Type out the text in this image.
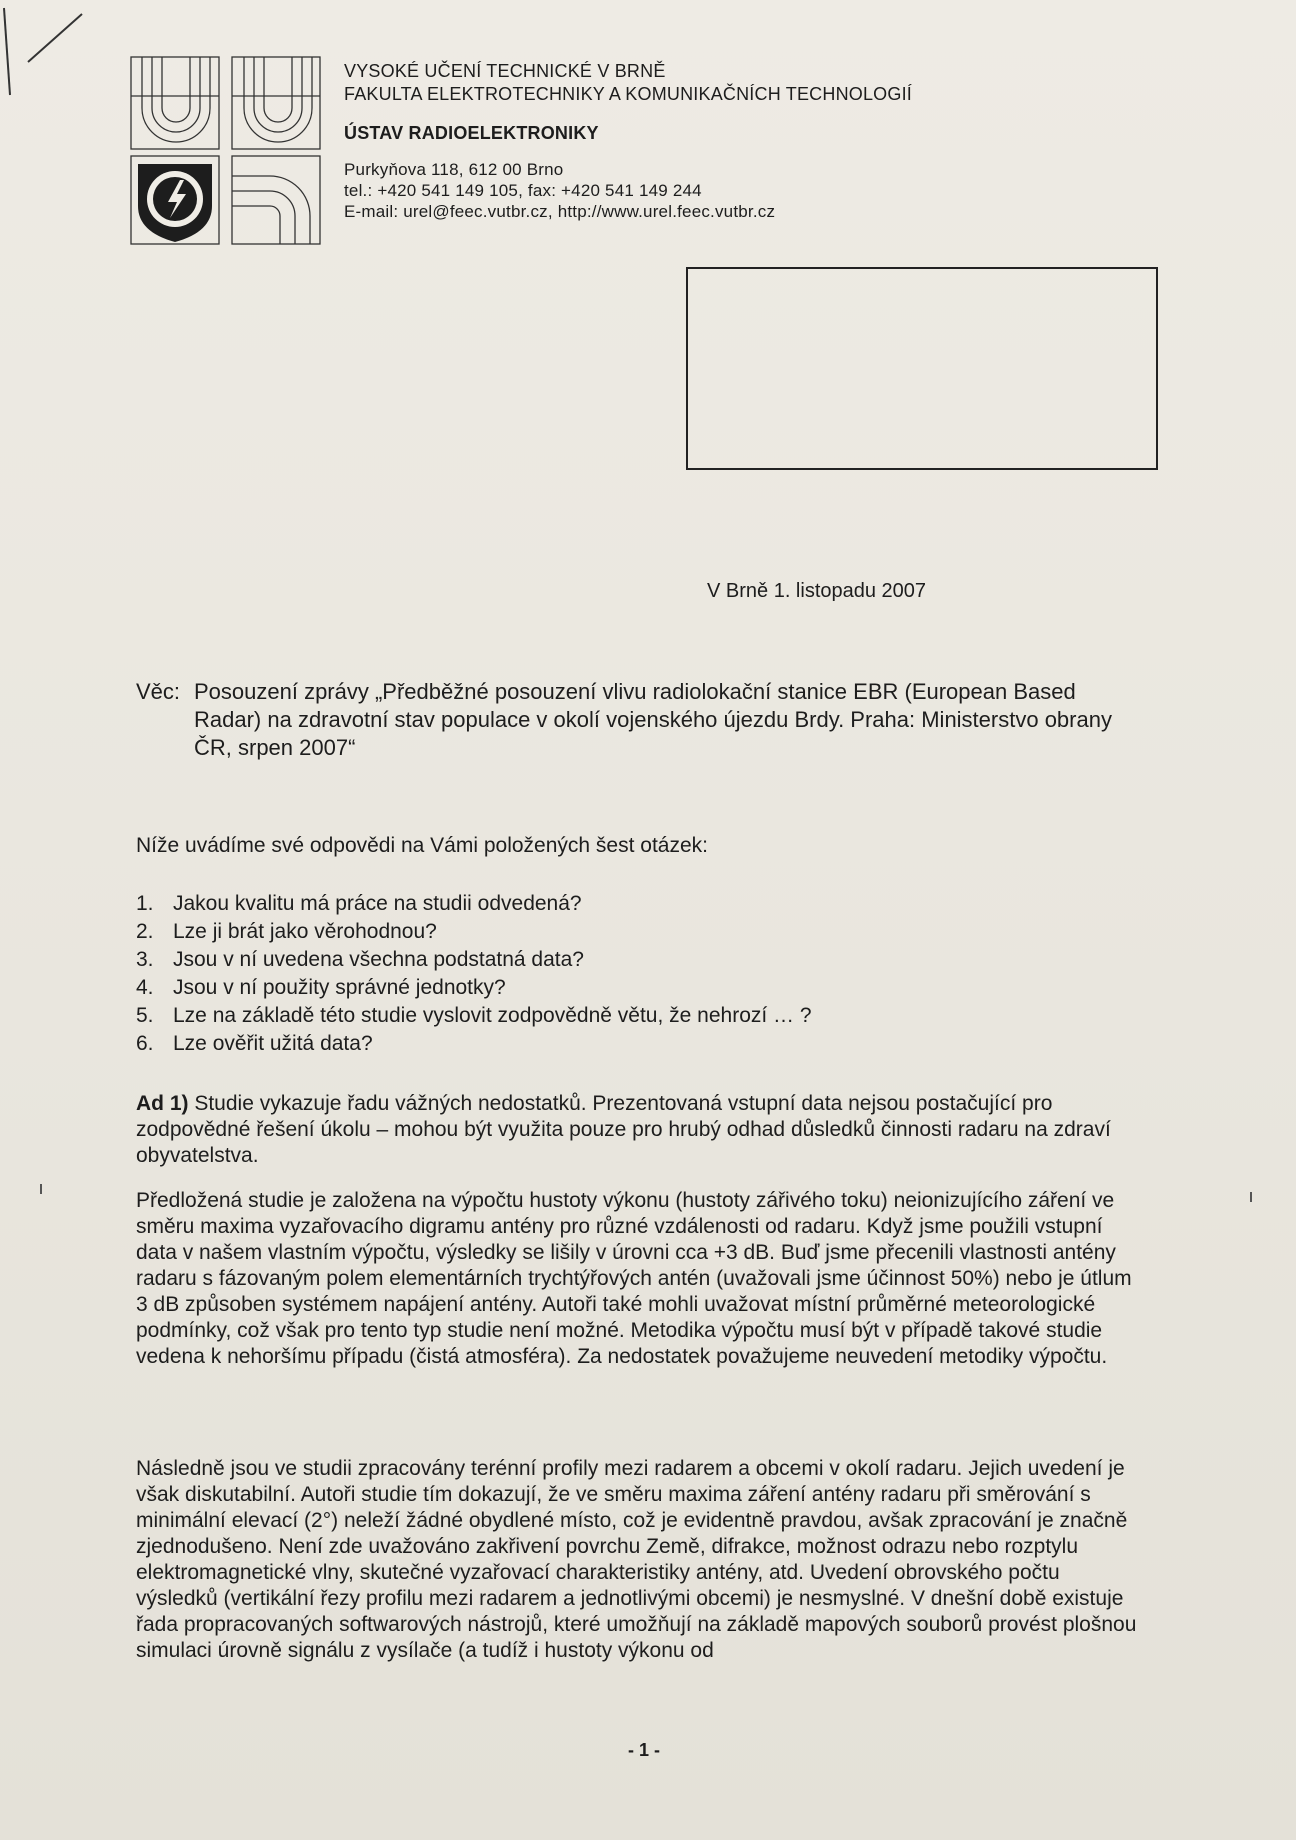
VYSOKÉ UČENÍ TECHNICKÉ V BRNĚ
FAKULTA ELEKTROTECHNIKY A KOMUNIKAČNÍCH TECHNOLOGIÍ
ÚSTAV RADIOELEKTRONIKY
Purkyňova 118, 612 00 Brno
tel.: +420 541 149 105, fax: +420 541 149 244
E-mail: urel@feec.vutbr.cz, http://www.urel.feec.vutbr.cz
V Brně 1. listopadu 2007
Věc: Posouzení zprávy „Předběžné posouzení vlivu radiolokační stanice EBR (European Based Radar) na zdravotní stav populace v okolí vojenského újezdu Brdy. Praha: Ministerstvo obrany ČR, srpen 2007“
Níže uvádíme své odpovědi na Vámi položených šest otázek:
1. Jakou kvalitu má práce na studii odvedená?
2. Lze ji brát jako věrohodnou?
3. Jsou v ní uvedena všechna podstatná data?
4. Jsou v ní použity správné jednotky?
5. Lze na základě této studie vyslovit zodpovědně větu, že nehrozí … ?
6. Lze ověřit užitá data?

Ad 1) Studie vykazuje řadu vážných nedostatků. Prezentovaná vstupní data nejsou postačující pro zodpovědné řešení úkolu – mohou být využita pouze pro hrubý odhad důsledků činnosti radaru na zdraví obyvatelstva.

Předložená studie je založena na výpočtu hustoty výkonu (hustoty zářivého toku) neionizujícího záření ve směru maxima vyzařovacího digramu antény pro různé vzdálenosti od radaru. Když jsme použili vstupní data v našem vlastním výpočtu, výsledky se lišily v úrovni cca +3 dB. Buď jsme přecenili vlastnosti antény radaru s fázovaným polem elementárních trychtýřových antén (uvažovali jsme účinnost 50%) nebo je útlum 3 dB způsoben systémem napájení antény. Autoři také mohli uvažovat místní průměrné meteorologické podmínky, což však pro tento typ studie není možné. Metodika výpočtu musí být v případě takové studie vedena k nehoršímu případu (čistá atmosféra). Za nedostatek považujeme neuvedení metodiky výpočtu.

Následně jsou ve studii zpracovány terénní profily mezi radarem a obcemi v okolí radaru. Jejich uvedení je však diskutabilní. Autoři studie tím dokazují, že ve směru maxima záření antény radaru při směrování s minimální elevací (2°) neleží žádné obydlené místo, což je evidentně pravdou, avšak zpracování je značně zjednodušeno. Není zde uvažováno zakřivení povrchu Země, difrakce, možnost odrazu nebo rozptylu elektromagnetické vlny, skutečné vyzařovací charakteristiky antény, atd. Uvedení obrovského počtu výsledků (vertikální řezy profilu mezi radarem a jednotlivými obcemi) je nesmyslné. V dnešní době existuje řada propracovaných softwarových nástrojů, které umožňují na základě mapových souborů provést plošnou simulaci úrovně signálu z vysílače (a tudíž i hustoty výkonu od

- 1 -
